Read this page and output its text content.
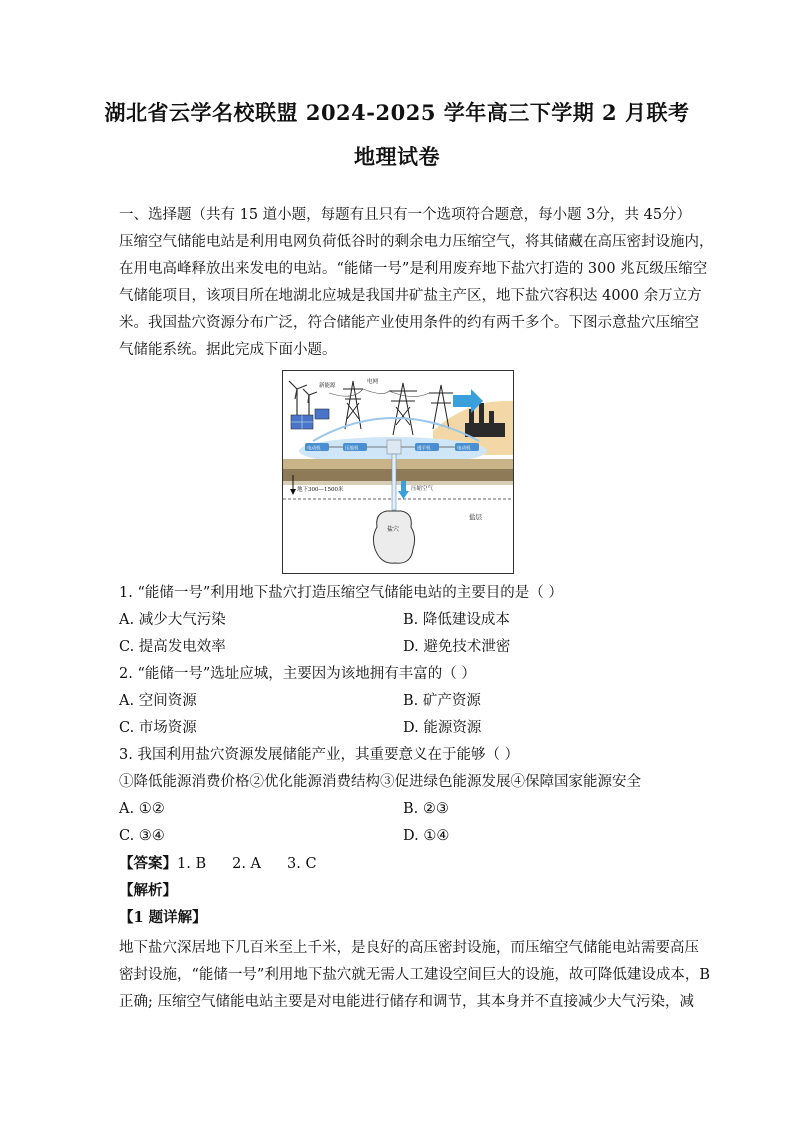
湖北省云学名校联盟 2024-2025 学年高三下学期 2 月联考
地理试卷
一、选择题（共有 15 道小题，每题有且只有一个选项符合题意，每小题 3分，共 45分）
压缩空气储能电站是利用电网负荷低谷时的剩余电力压缩空气，将其储藏在高压密封设施内，
在用电高峰释放出来发电的电站。“能储一号”是利用废弃地下盐穴打造的 300 兆瓦级压缩空
气储能项目，该项目所在地湖北应城是我国井矿盐主产区，地下盐穴容积达 4000 余万立方
米。我国盐穴资源分布广泛，符合储能产业使用条件的约有两千多个。下图示意盐穴压缩空
气储能系统。据此完成下面小题。
新能源
电网
电动机	压缩机	透平机	电动机
地下300—1500米	压缩空气
盐穴
盐层
1. “能储一号”利用地下盐穴打造压缩空气储能电站的主要目的是（ ）
A. 减少大气污染	B. 降低建设成本
C. 提高发电效率	D. 避免技术泄密
2. “能储一号”选址应城，主要因为该地拥有丰富的（ ）
A. 空间资源	B. 矿产资源
C. 市场资源	D. 能源资源
3. 我国利用盐穴资源发展储能产业，其重要意义在于能够（ ）
①降低能源消费价格②优化能源消费结构③促进绿色能源发展④保障国家能源安全
A. ①②	B. ②③
C. ③④	D. ①④
【答案】1. B 2. A 3. C
【解析】
【1 题详解】
地下盐穴深居地下几百米至上千米，是良好的高压密封设施，而压缩空气储能电站需要高压
密封设施，“能储一号”利用地下盐穴就无需人工建设空间巨大的设施，故可降低建设成本，B
正确; 压缩空气储能电站主要是对电能进行储存和调节，其本身并不直接减少大气污染，减
